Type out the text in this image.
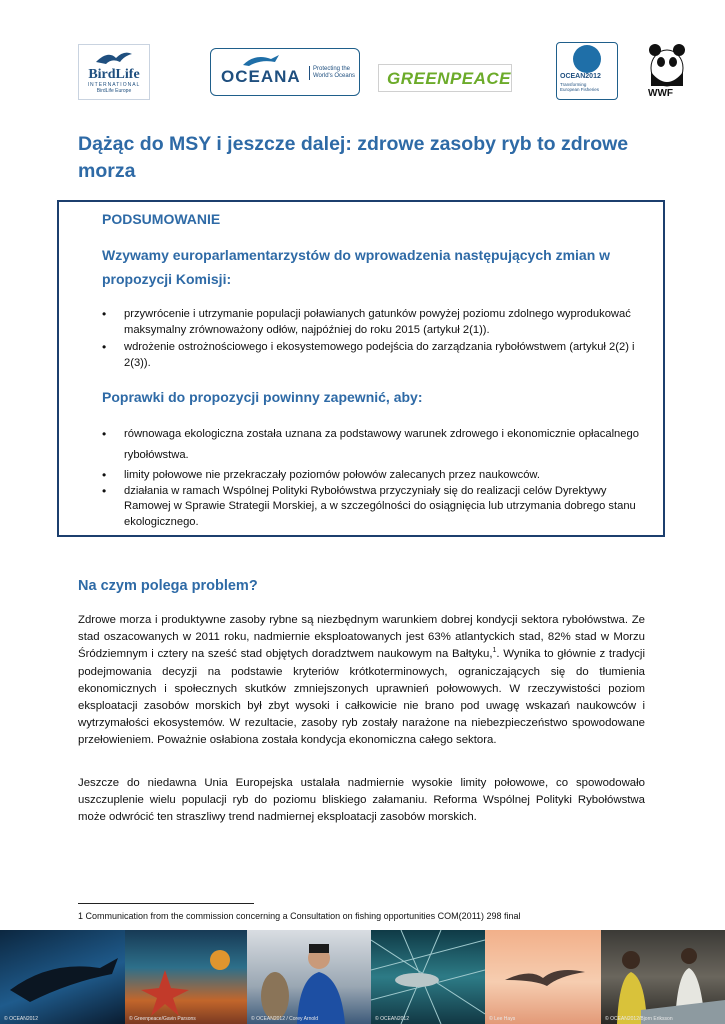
BirdLife
INTERNATIONAL
BirdLife Europe
OCEANA	Protecting the
World's Oceans GREENPEACE	OCEAN2012
Transforming
European Fisheries	WWF
Dążąc do MSY i jeszcze dalej: zdrowe zasoby ryb to zdrowe morza
PODSUMOWANIE

Wzywamy europarlamentarzystów do wprowadzenia następujących zmian w propozycji Komisji:

• przywrócenie i utrzymanie populacji poławianych gatunków powyżej poziomu zdolnego wyprodukować maksymalny zrównoważony odłów, najpóźniej do roku 2015 (artykuł 2(1)).
• wdrożenie ostrożnościowego i ekosystemowego podejścia do zarządzania rybołówstwem (artykuł 2(2) i 2(3)).
Poprawki do propozycji powinny zapewnić, aby:
• równowaga ekologiczna została uznana za podstawowy warunek zdrowego i ekonomicznie opłacalnego rybołówstwa.
• limity połowowe nie przekraczały poziomów połowów zalecanych przez naukowców.
• działania w ramach Wspólnej Polityki Rybołówstwa przyczyniały się do realizacji celów Dyrektywy Ramowej w Sprawie Strategii Morskiej, a w szczególności do osiągnięcia lub utrzymania dobrego stanu ekologicznego.
Na czym polega problem?

Zdrowe morza i produktywne zasoby rybne są niezbędnym warunkiem dobrej kondycji sektora rybołówstwa. Ze stad oszacowanych w 2011 roku, nadmiernie eksploatowanych jest 63% atlantyckich stad, 82% stad w Morzu Śródziemnym i cztery na sześć stad objętych doradztwem naukowym na Bałtyku,$^1$. Wynika to głównie z tradycji podejmowania decyzji na podstawie kryteriów krótkoterminowych, ograniczających się do tłumienia ekonomicznych i społecznych skutków zmniejszonych uprawnień połowowych. W rzeczywistości poziom eksploatacji zasobów morskich był zbyt wysoki i całkowicie nie brano pod uwagę wskazań naukowców i wytrzymałości ekosystemów. W rezultacie, zasoby ryb zostały narażone na niebezpieczeństwo spowodowane przełowieniem. Poważnie osłabiona została kondycja ekonomiczna całego sektora.

Jeszcze do niedawna Unia Europejska ustalała nadmiernie wysokie limity połowowe, co spowodowało uszczuplenie wielu populacji ryb do poziomu bliskiego załamaniu. Reforma Wspólnej Polityki Rybołówstwa może odwrócić ten straszliwy trend nadmiernej eksploatacji zasobów morskich.

1 Communication from the commission concerning a Consultation on fishing opportunities COM(2011) 298 final
© OCEAN2012	© Greenpeace/Gavin Parsons	© OCEAN2012 / Corey Arnold	© OCEAN2012	© Lee Hays	© OCEAN2012/Bjorn Eriksson
